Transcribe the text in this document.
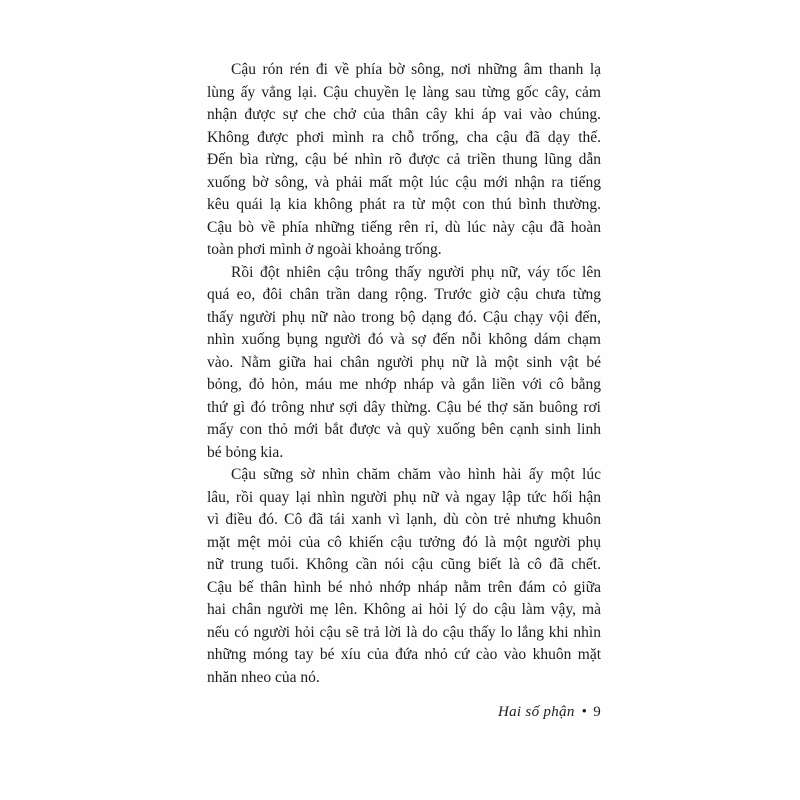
Cậu rón rén đi về phía bờ sông, nơi những âm thanh lạ
lùng ấy vẳng lại. Cậu chuyền lẹ làng sau từng gốc cây, cảm
nhận được sự che chở của thân cây khi áp vai vào chúng.
Không được phơi mình ra chỗ trống, cha cậu đã dạy thế.
Đến bìa rừng, cậu bé nhìn rõ được cả triền thung lũng dẫn
xuống bờ sông, và phải mất một lúc cậu mới nhận ra tiếng
kêu quái lạ kia không phát ra từ một con thú bình thường.
Cậu bò về phía những tiếng rên rỉ, dù lúc này cậu đã hoàn
toàn phơi mình ở ngoài khoảng trống.
Rồi đột nhiên cậu trông thấy người phụ nữ, váy tốc lên
quá eo, đôi chân trần dang rộng. Trước giờ cậu chưa từng
thấy người phụ nữ nào trong bộ dạng đó. Cậu chạy vội đến,
nhìn xuống bụng người đó và sợ đến nỗi không dám chạm
vào. Nằm giữa hai chân người phụ nữ là một sinh vật bé
bỏng, đỏ hỏn, máu me nhớp nháp và gắn liền với cô bằng
thứ gì đó trông như sợi dây thừng. Cậu bé thợ săn buông rơi
mấy con thỏ mới bắt được và quỳ xuống bên cạnh sinh linh
bé bỏng kia.
Cậu sững sờ nhìn chăm chăm vào hình hài ấy một lúc
lâu, rồi quay lại nhìn người phụ nữ và ngay lập tức hối hận
vì điều đó. Cô đã tái xanh vì lạnh, dù còn trẻ nhưng khuôn
mặt mệt mỏi của cô khiến cậu tưởng đó là một người phụ
nữ trung tuổi. Không cần nói cậu cũng biết là cô đã chết.
Cậu bế thân hình bé nhỏ nhớp nháp nằm trên đám cỏ giữa
hai chân người mẹ lên. Không ai hỏi lý do cậu làm vậy, mà
nếu có người hỏi cậu sẽ trả lời là do cậu thấy lo lắng khi nhìn
những móng tay bé xíu của đứa nhỏ cứ cào vào khuôn mặt
nhăn nheo của nó.
Hai số phận • 9
